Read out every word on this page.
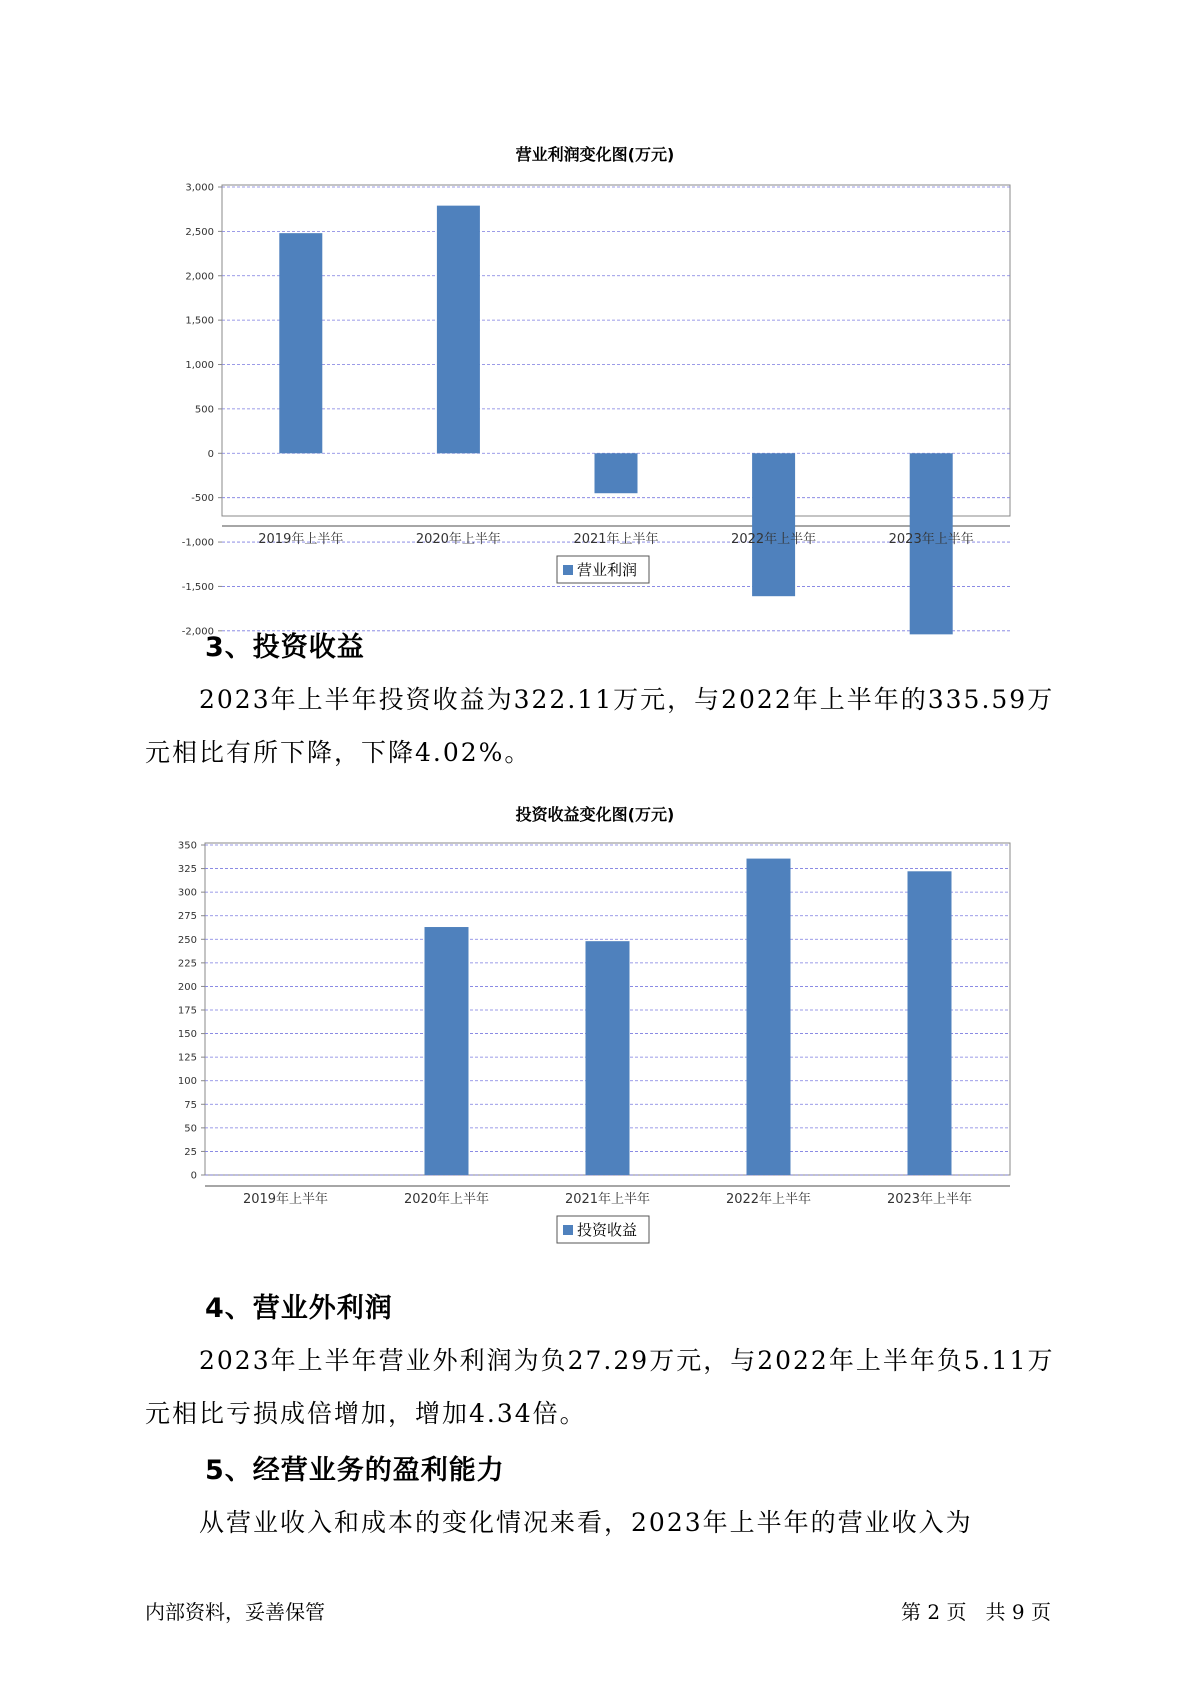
营业利润变化图(万元)
3,000
2,500
2,000
1,500
1,000
500
0
-500
-1,000
-1,500
-2,000
2019年上半年	2020年上半年	2021年上半年	2022年上半年	2023年上半年
营业利润
3、投资收益

2023年上半年投资收益为322.11万元，与2022年上半年的335.59万元相比有所下降，下降4.02%。

投资收益变化图(万元)
350
325
300
275
250
225
200
175
150
125
100
75
50
25
0
2019年上半年	2020年上半年	2021年上半年	2022年上半年	2023年上半年
投资收益
4、营业外利润

2023年上半年营业外利润为负27.29万元，与2022年上半年负5.11万元相比亏损成倍增加，增加4.34倍。

5、经营业务的盈利能力

从营业收入和成本的变化情况来看，2023年上半年的营业收入为

内部资料，妥善保管	第 2 页   共 9 页
